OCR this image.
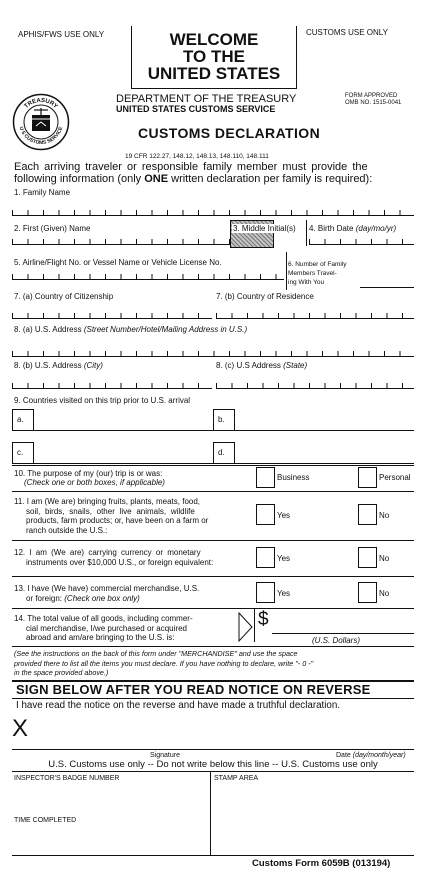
APHIS/FWS USE ONLY	CUSTOMS USE ONLY
WELCOME
TO THE
UNITED STATES
TREASURY
U S CUSTOMS SERVICE
DEPARTMENT OF THE TREASURY
UNITED STATES CUSTOMS SERVICE
FORM APPROVED
OMB NO. 1515-0041
CUSTOMS DECLARATION
19 CFR 122.27, 148.12, 148.13, 148.110, 148.111
Each arriving traveler or responsible family member must provide the
following information (only ONE written declaration per family is required):
1. Family Name
2. First (Given) Name	3. Middle Initial(s) 4. Birth Date (day/mo/yr)
5. Airline/Flight No. or Vessel Name or Vehicle License No.	6. Number of Family
Members Travel-
ing With You
7. (a) Country of Citizenship	7. (b) Country of Residence
8. (a) U.S. Address (Street Number/Hotel/Mailing Address in U.S.)
8. (b) U.S. Address (City)	8. (c) U.S Address (State)
9. Countries visited on this trip prior to U.S. arrival
a.	b.
c.	d.
10. The purpose of my (our) trip is or was:
(Check one or both boxes, if applicable)
Business	Personal
11. I am (We are) bringing fruits, plants, meats, food,
soil, birds, snails, other live animals, wildlife
products, farm products; or, have been on a farm or
ranch outside the U.S.:
Yes	No
12. I am (We are) carrying currency or monetary
instruments over $10,000 U.S., or foreign equivalent:	Yes	No
13. I have (We have) commercial merchandise, U.S.
or foreign: (Check one box only)	Yes	No
14. The total value of all goods, including commer-
cial merchandise, I/we purchased or acquired
abroad and am/are bringing to the U.S. is:
$
(U.S. Dollars)
(See the instructions on the back of this form under "MERCHANDISE" and use the space
provided there to list all the items you must declare. If you have nothing to declare, write "- 0 -"
in the space provided above.)
SIGN BELOW AFTER YOU READ NOTICE ON REVERSE
I have read the notice on the reverse and have made a truthful declaration.
X
Signature	Date (day/month/year)
U.S. Customs use only -- Do not write below this line -- U.S. Customs use only
INSPECTOR'S BADGE NUMBER	STAMP AREA
TIME COMPLETED
Customs Form 6059B (013194)
